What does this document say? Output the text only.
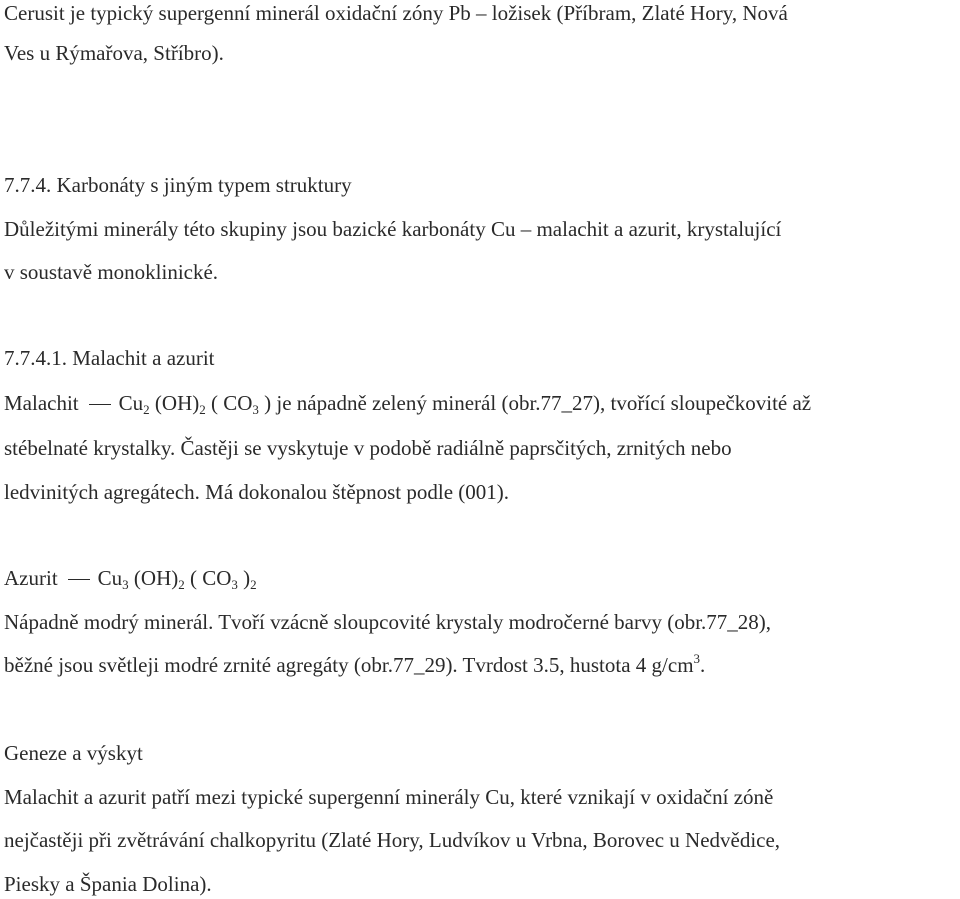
Cerusit je typický supergenní minerál oxidační zóny Pb – ložisek (Příbram, Zlaté Hory, Nová
Ves u Rýmařova, Stříbro).
7.7.4. Karbonáty s jiným typem struktury
Důležitými minerály této skupiny jsou bazické karbonáty Cu – malachit a azurit, krystalující
v soustavě monoklinické.
7.7.4.1. Malachit a azurit
Malachit Cu2 (OH)2 ( CO3 ) je nápadně zelený minerál (obr.77_27), tvořící sloupečkovité až
stébelnaté krystalky. Častěji se vyskytuje v podobě radiálně paprsčitých, zrnitých nebo
ledvinitých agregátech. Má dokonalou štěpnost podle (001).
Azurit Cu3 (OH)2 ( CO3 )2
Nápadně modrý minerál. Tvoří vzácně sloupcovité krystaly modročerné barvy (obr.77_28),
běžné jsou světleji modré zrnité agregáty (obr.77_29). Tvrdost 3.5, hustota 4 $g/cm^3$.
Geneze a výskyt
Malachit a azurit patří mezi typické supergenní minerály Cu, které vznikají v oxidační zóně
nejčastěji při zvětrávání chalkopyritu (Zlaté Hory, Ludvíkov u Vrbna, Borovec u Nedvědice,
Piesky a Špania Dolina).
